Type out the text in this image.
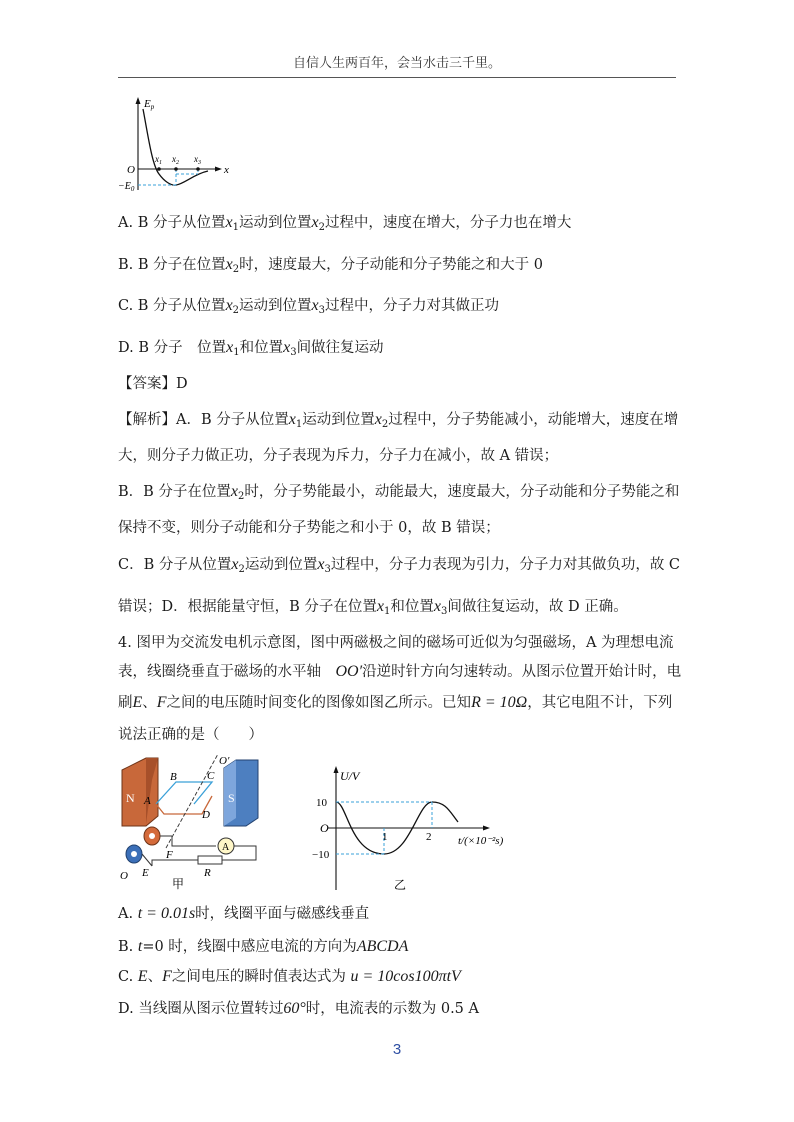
自信人生两百年，会当水击三千里。
Ep
x
O
$-E_0$
$x_1$ $x_2$ $x_3$
A. B 分子从位置$x_1$运动到位置$x_2$过程中，速度在增大，分子力也在增大
B. B 分子在位置$x_2$时，速度最大，分子动能和分子势能之和大于 0
C. B 分子从位置$x_2$运动到位置$x_3$过程中，分子力对其做正功
D. B 分子　位置$x_1$和位置$x_3$间做往复运动
【答案】D
【解析】A．B 分子从位置$x_1$运动到位置$x_2$过程中，分子势能减小，动能增大，速度在增
大，则分子力做正功，分子表现为斥力，分子力在减小，故 A 错误；
B．B 分子在位置$x_2$时，分子势能最小，动能最大，速度最大，分子动能和分子势能之和
保持不变，则分子动能和分子势能之和小于 0，故 B 错误；
C．B 分子从位置$x_2$运动到位置$x_3$过程中，分子力表现为引力，分子力对其做负功，故 C
错误；D．根据能量守恒，B 分子在位置$x_1$和位置$x_3$间做往复运动，故 D 正确。
4. 图甲为交流发电机示意图，图中两磁极之间的磁场可近似为匀强磁场，A 为理想电流
表，线圈绕垂直于磁场的水平轴　 OO′沿逆时针方向匀速转动。从图示位置开始计时，电
刷E、F之间的电压随时间变化的图像如图乙所示。已知R = 10Ω，其它电阻不计，下列
说法正确的是（　　）
N	S
A
B	C
D
O′
A
F
E	R
O
甲
U/V
t/(×10⁻²s)
O
10
−10
1	2
乙
A. t = 0.01s时，线圈平面与磁感线垂直
B. t=0 时，线圈中感应电流的方向为ABCDA
C. E、F之间电压的瞬时值表达式为 u = 10cos100πtV
D. 当线圈从图示位置转过60°时，电流表的示数为 0.5 A
3
